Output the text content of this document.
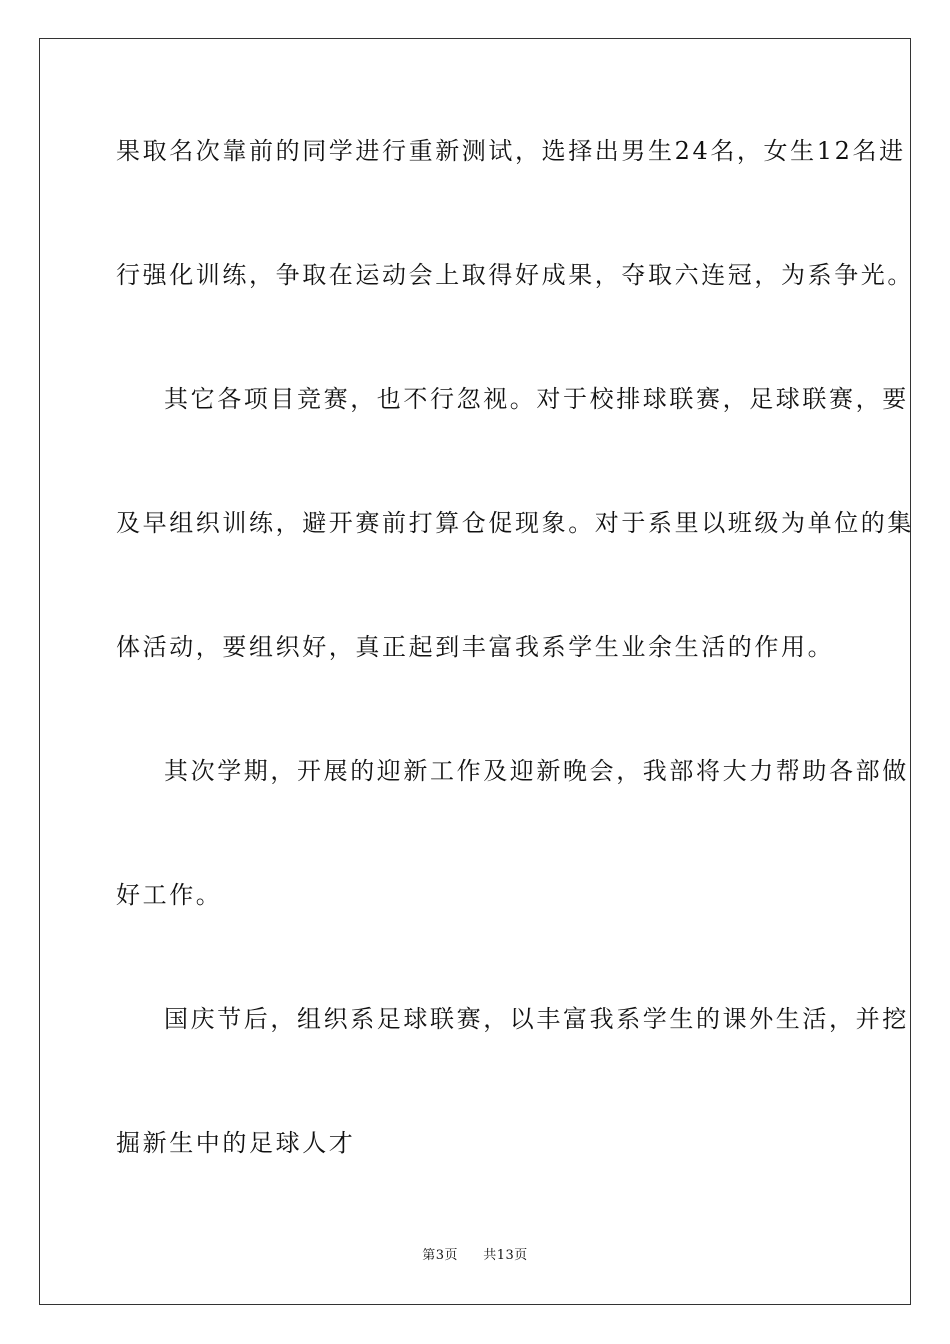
果取名次靠前的同学进行重新测试，选择出男生24名，女生12名进
行强化训练，争取在运动会上取得好成果，夺取六连冠，为系争光。
其它各项目竞赛，也不行忽视。对于校排球联赛，足球联赛，要
及早组织训练，避开赛前打算仓促现象。对于系里以班级为单位的集
体活动，要组织好，真正起到丰富我系学生业余生活的作用。
其次学期，开展的迎新工作及迎新晚会，我部将大力帮助各部做
好工作。
国庆节后，组织系足球联赛，以丰富我系学生的课外生活，并挖
掘新生中的足球人才
第3页 共13页
